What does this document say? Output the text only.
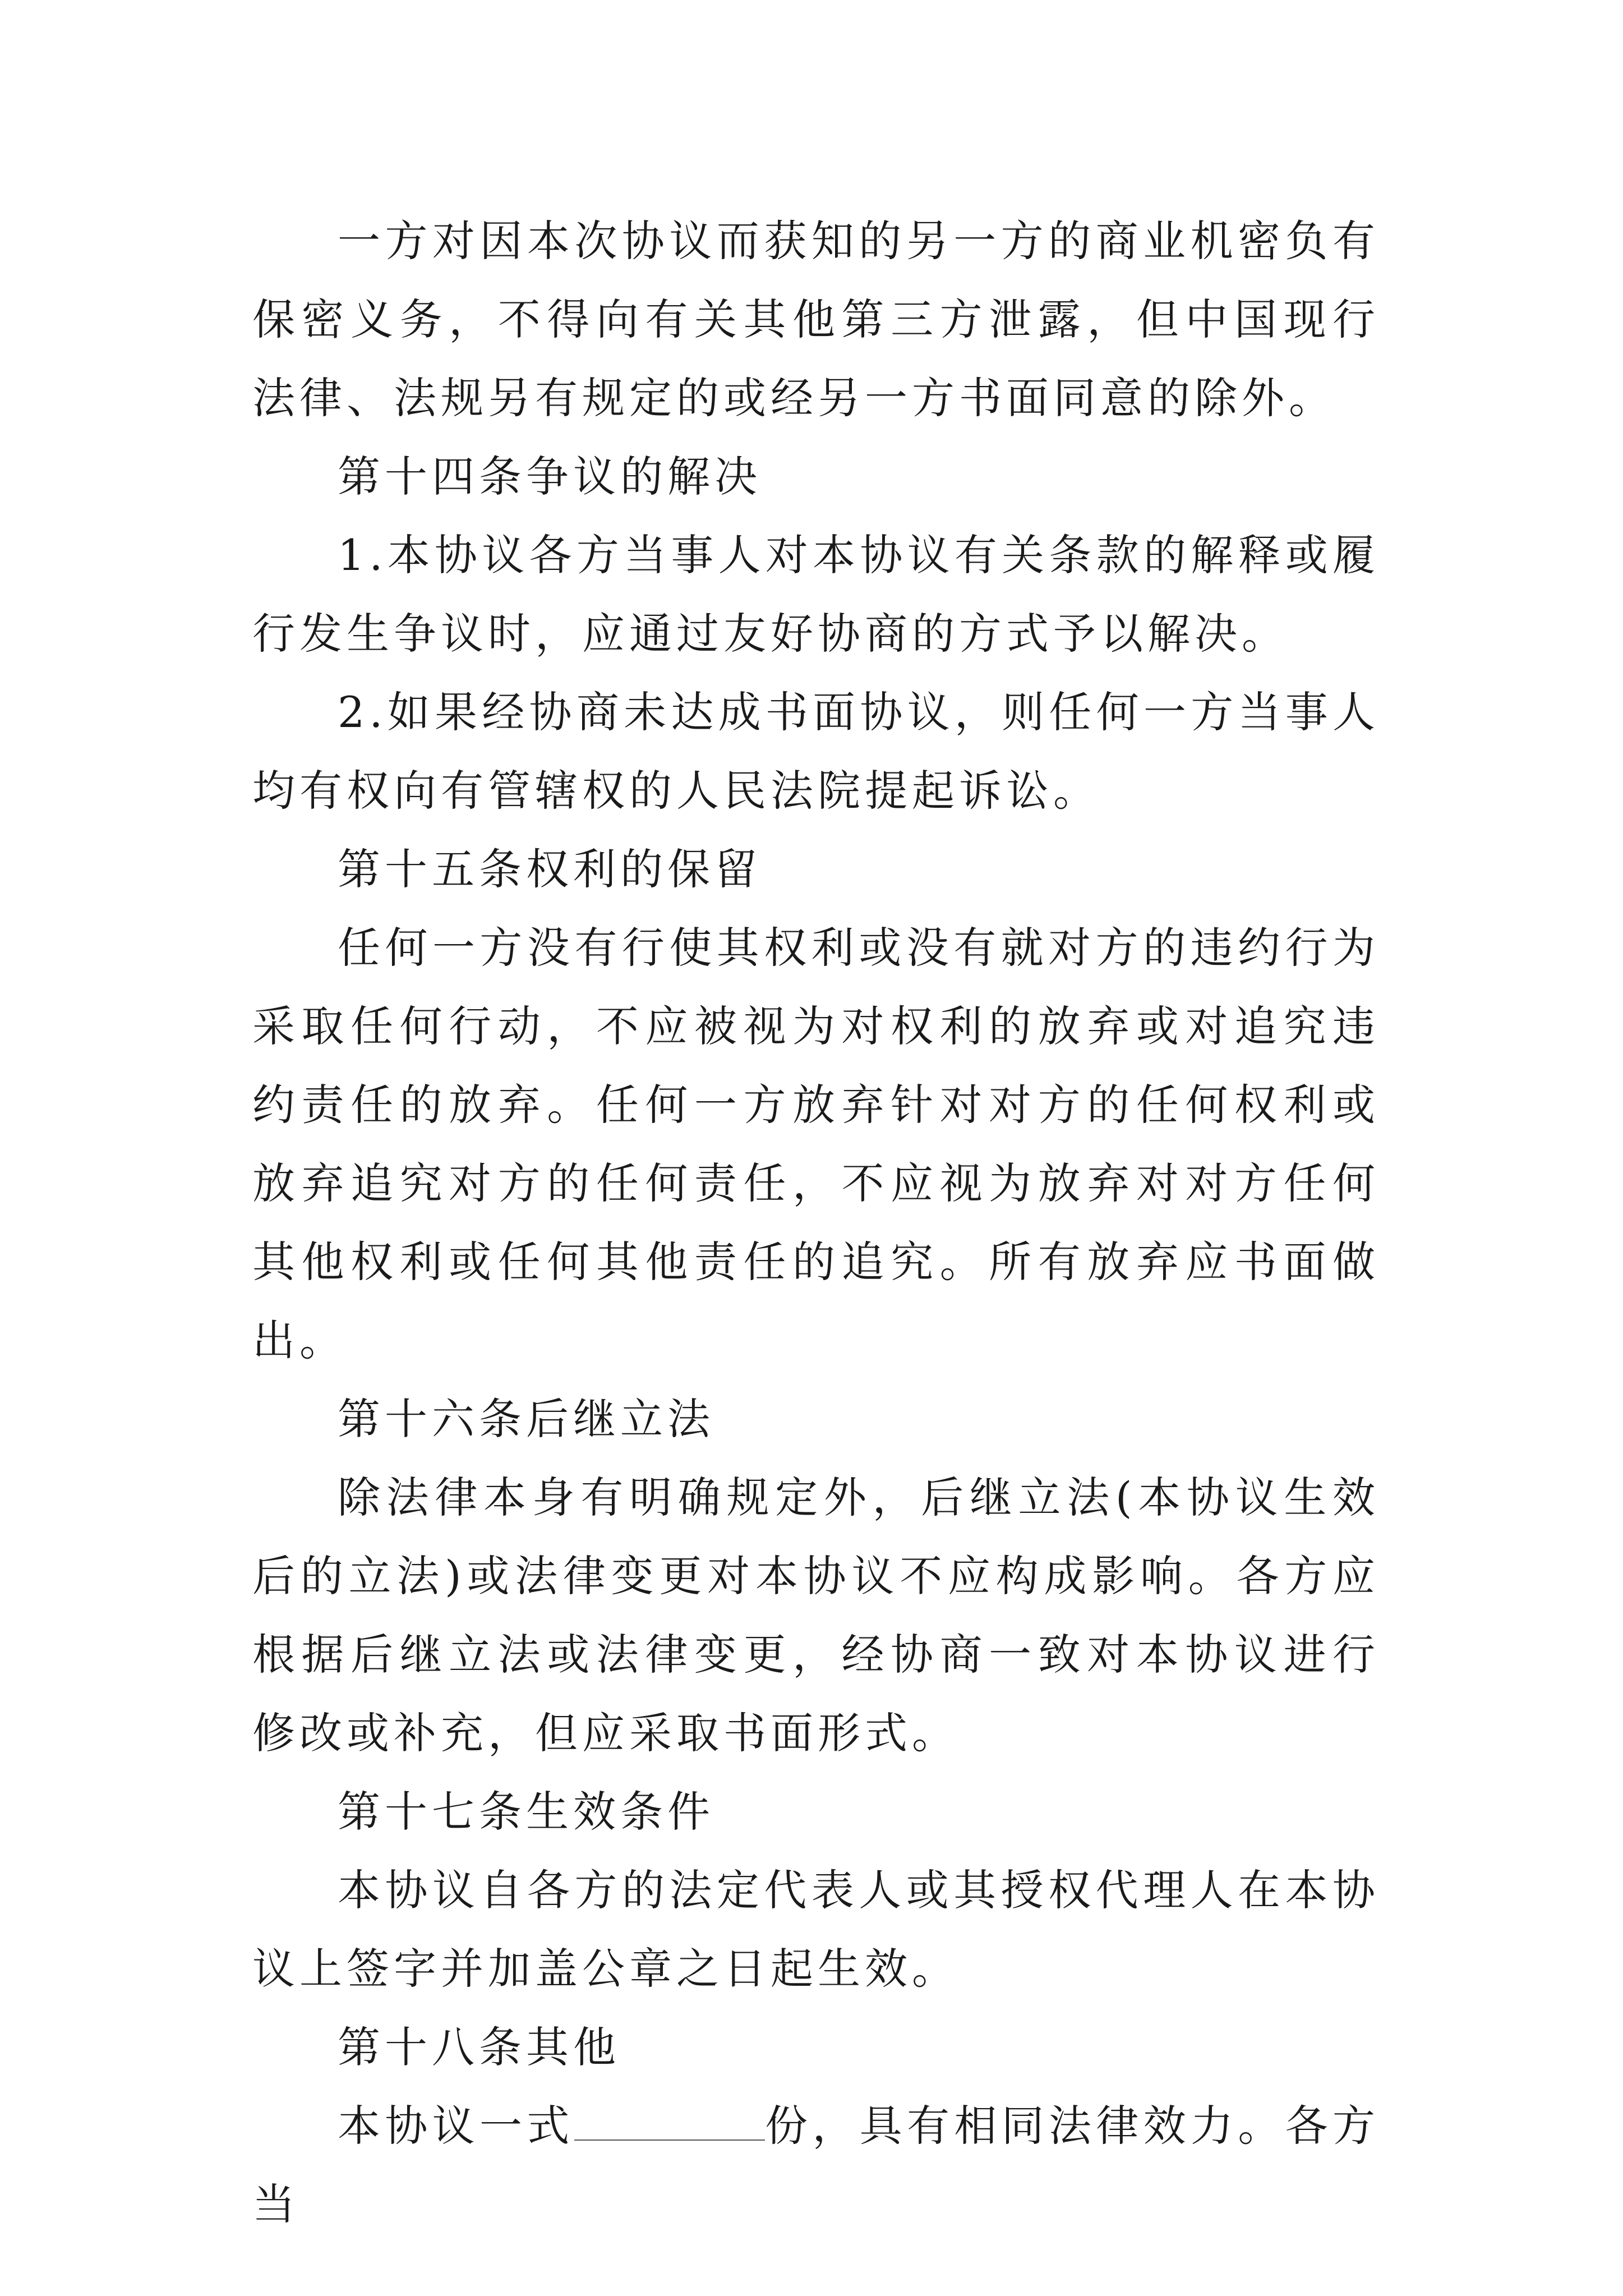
一方对因本次协议而获知的另一方的商业机密负有保密义务，不得向有关其他第三方泄露，但中国现行法律、法规另有规定的或经另一方书面同意的除外。

第十四条争议的解决

1.本协议各方当事人对本协议有关条款的解释或履行发生争议时，应通过友好协商的方式予以解决。

2.如果经协商未达成书面协议，则任何一方当事人均有权向有管辖权的人民法院提起诉讼。

第十五条权利的保留

任何一方没有行使其权利或没有就对方的违约行为采取任何行动，不应被视为对权利的放弃或对追究违约责任的放弃。任何一方放弃针对对方的任何权利或放弃追究对方的任何责任，不应视为放弃对对方任何其他权利或任何其他责任的追究。所有放弃应书面做出。

第十六条后继立法

除法律本身有明确规定外，后继立法(本协议生效后的立法)或法律变更对本协议不应构成影响。各方应根据后继立法或法律变更，经协商一致对本协议进行修改或补充，但应采取书面形式。

第十七条生效条件

本协议自各方的法定代表人或其授权代理人在本协议上签字并加盖公章之日起生效。

第十八条其他

本协议一式	份，具有相同法律效力。各方当
